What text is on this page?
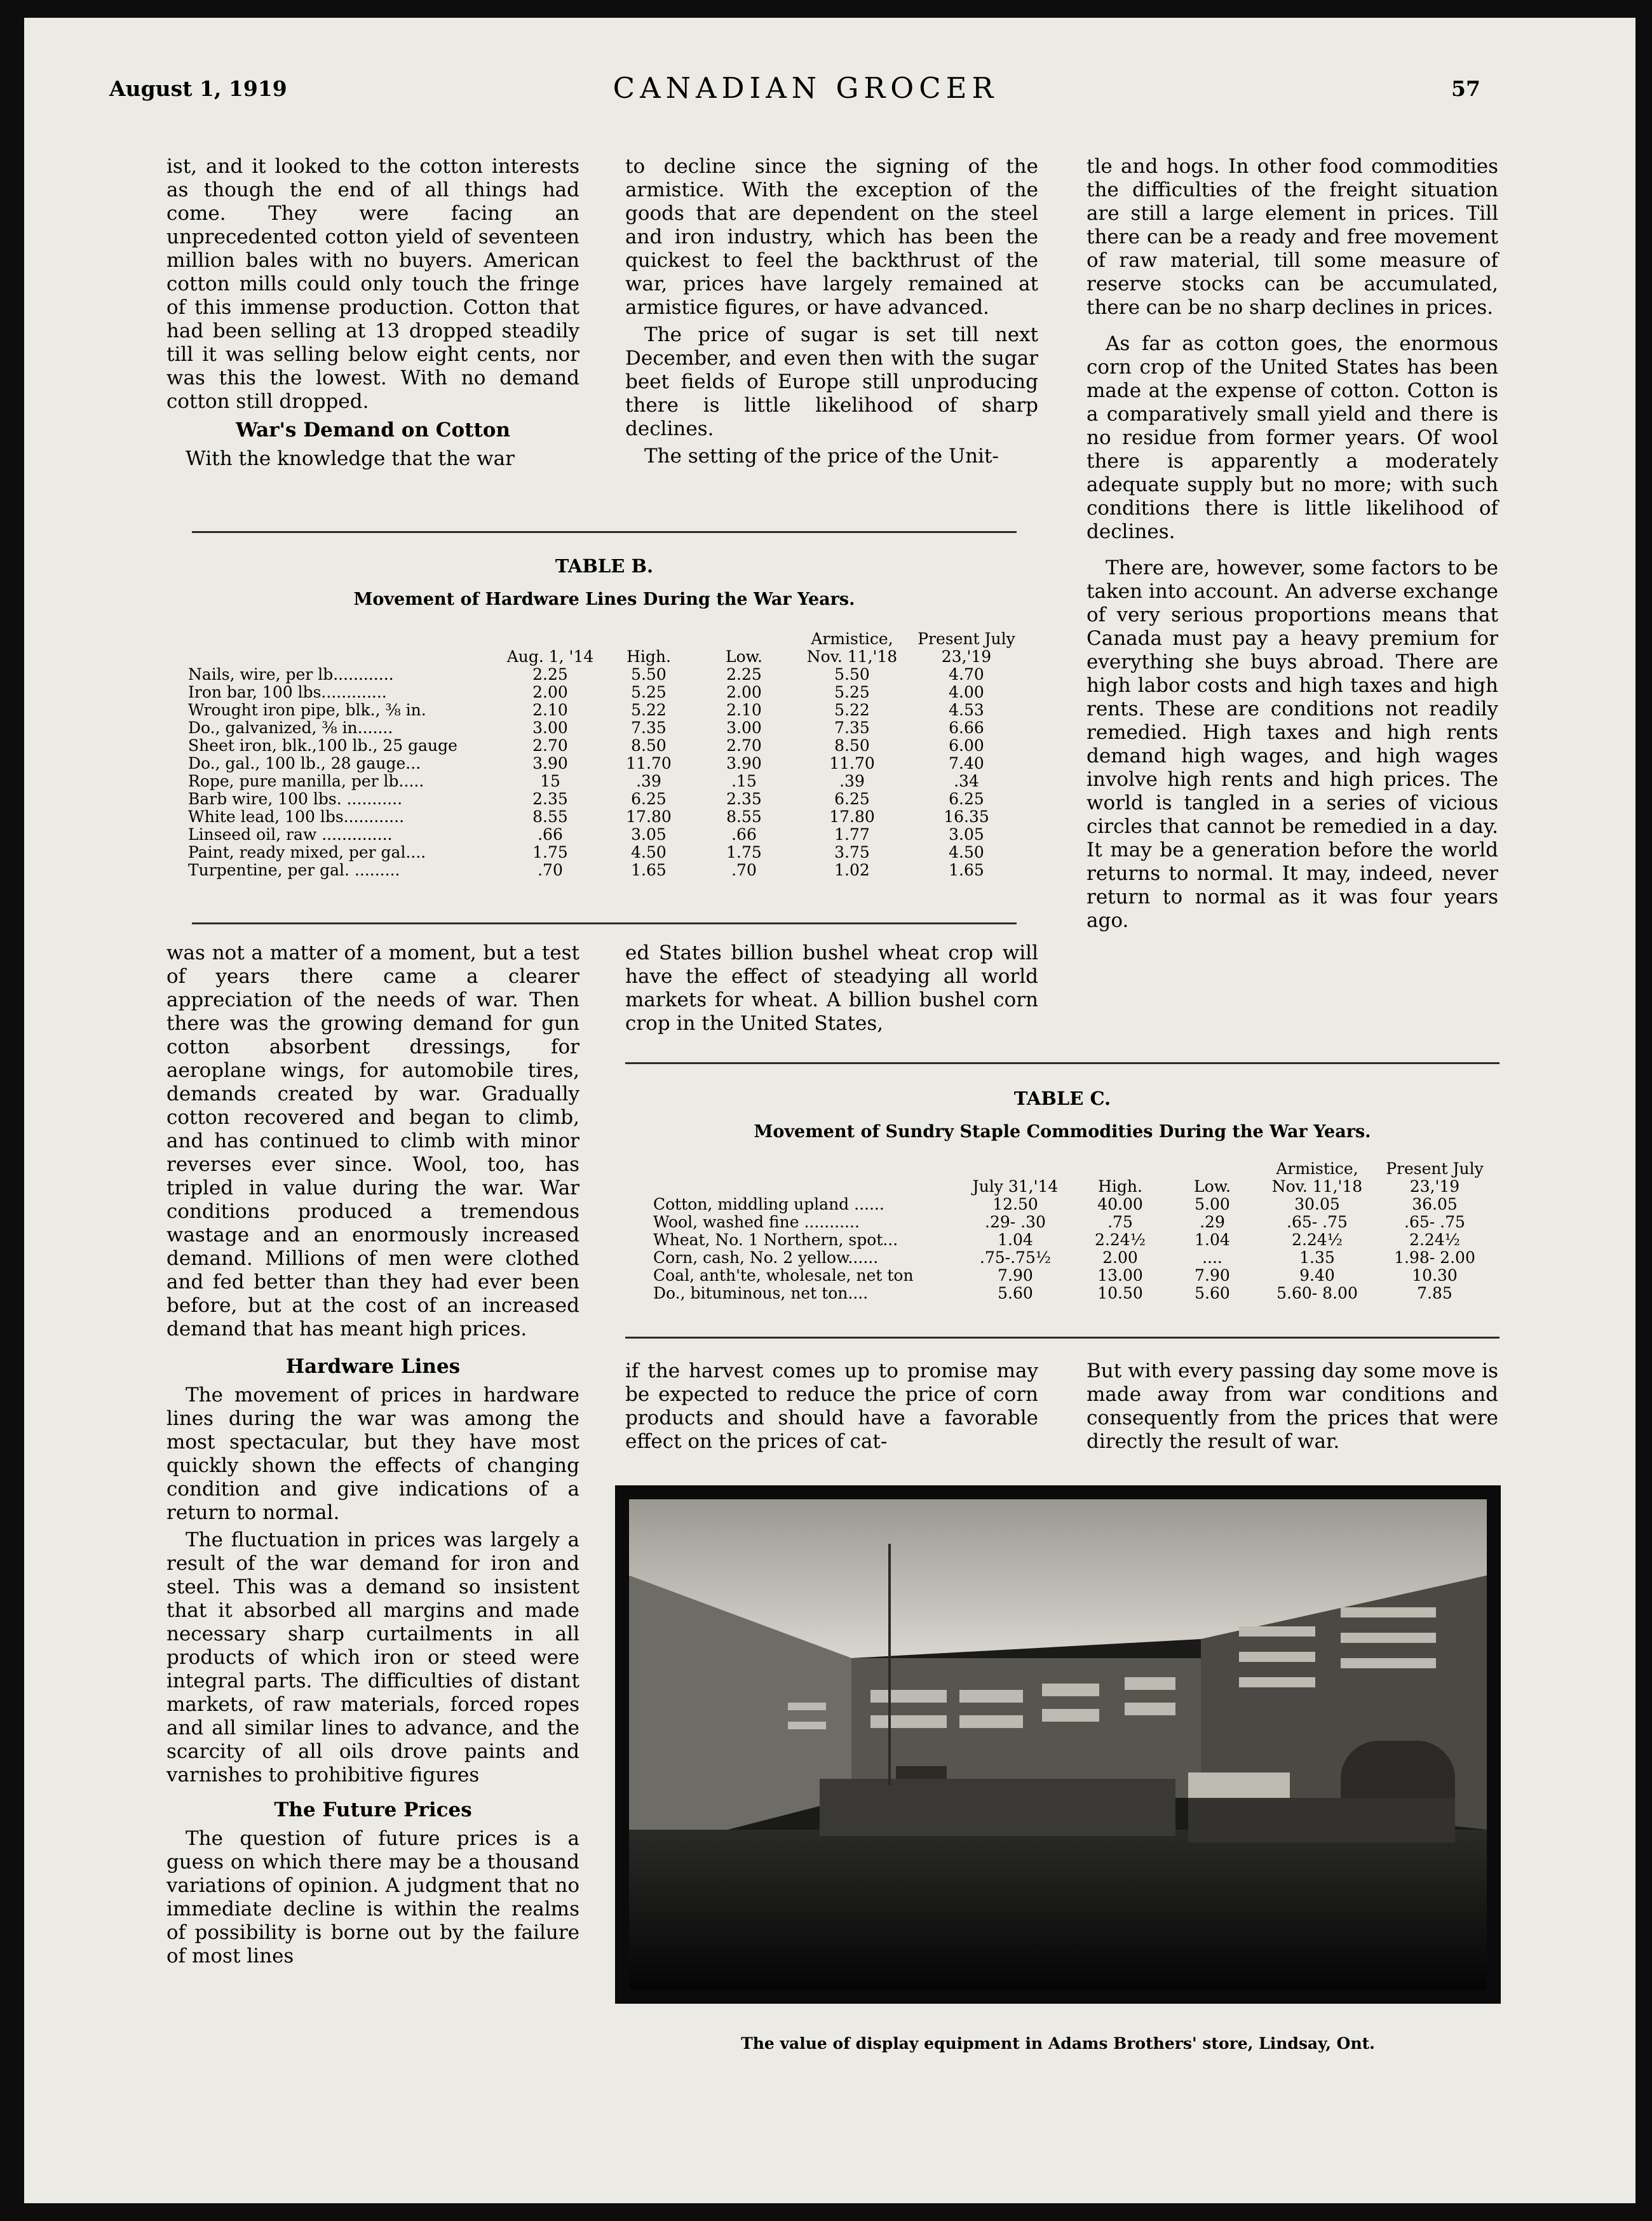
August 1, 1919	CANADIAN GROCER	57

ist, and it looked to the cotton interests as though the end of all things had come. They were facing an unprecedented cotton yield of seventeen million bales with no buyers. American cotton mills could only touch the fringe of this immense production. Cotton that had been selling at 13 dropped steadily till it was selling below eight cents, nor was this the lowest. With no demand cotton still dropped.

War's Demand on Cotton

With the knowledge that the war

to decline since the signing of the armistice. With the exception of the goods that are dependent on the steel and iron industry, which has been the quickest to feel the backthrust of the war, prices have largely remained at armistice figures, or have advanced.

The price of sugar is set till next December, and even then with the sugar beet fields of Europe still unproducing there is little likelihood of sharp declines.

The setting of the price of the Unit-

tle and hogs. In other food commodities the difficulties of the freight situation are still a large element in prices. Till there can be a ready and free movement of raw material, till some measure of reserve stocks can be accumulated, there can be no sharp declines in prices.

As far as cotton goes, the enormous corn crop of the United States has been made at the expense of cotton. Cotton is a comparatively small yield and there is no residue from former years. Of wool there is apparently a moderately adequate supply but no more; with such conditions there is little likelihood of declines.

There are, however, some factors to be taken into account. An adverse exchange of very serious proportions means that Canada must pay a heavy premium for everything she buys abroad. There are high labor costs and high taxes and high rents. These are conditions not readily remedied. High taxes and high rents demand high wages, and high wages involve high rents and high prices. The world is tangled in a series of vicious circles that cannot be remedied in a day. It may be a generation before the world returns to normal. It may, indeed, never return to normal as it was four years ago.

TABLE B.
Movement of Hardware Lines During the War Years.
	Aug. 1, '14	High.	Low.	Armistice, Nov. 11,'18	Present July 23,'19
Nails, wire, per lb............	2.25	5.50	2.25	5.50	4.70
Iron bar, 100 lbs.............	2.00	5.25	2.00	5.25	4.00
Wrought iron pipe, blk., ⅜ in.	2.10	5.22	2.10	5.22	4.53
Do., galvanized, ⅜ in.......	3.00	7.35	3.00	7.35	6.66
Sheet iron, blk.,100 lb., 25 gauge	2.70	8.50	2.70	8.50	6.00
Do., gal., 100 lb., 28 gauge...	3.90	11.70	3.90	11.70	7.40
Rope, pure manilla, per lb.....	15	.39	.15	.39	.34
Barb wire, 100 lbs. ...........	2.35	6.25	2.35	6.25	6.25
White lead, 100 lbs............	8.55	17.80	8.55	17.80	16.35
Linseed oil, raw ..............	.66	3.05	.66	1.77	3.05
Paint, ready mixed, per gal....	1.75	4.50	1.75	3.75	4.50
Turpentine, per gal. .........	.70	1.65	.70	1.02	1.65

was not a matter of a moment, but a test of years there came a clearer appreciation of the needs of war. Then there was the growing demand for gun cotton absorbent dressings, for aeroplane wings, for automobile tires, demands created by war. Gradually cotton recovered and began to climb, and has continued to climb with minor reverses ever since. Wool, too, has tripled in value during the war. War conditions produced a tremendous wastage and an enormously increased demand. Millions of men were clothed and fed better than they had ever been before, but at the cost of an increased demand that has meant high prices.

Hardware Lines

The movement of prices in hardware lines during the war was among the most spectacular, but they have most quickly shown the effects of changing condition and give indications of a return to normal.

The fluctuation in prices was largely a result of the war demand for iron and steel. This was a demand so insistent that it absorbed all margins and made necessary sharp curtailments in all products of which iron or steed were integral parts. The difficulties of distant markets, of raw materials, forced ropes and all similar lines to advance, and the scarcity of all oils drove paints and varnishes to prohibitive figures

The Future Prices

The question of future prices is a guess on which there may be a thousand variations of opinion. A judgment that no immediate decline is within the realms of possibility is borne out by the failure of most lines

ed States billion bushel wheat crop will have the effect of steadying all world markets for wheat. A billion bushel corn crop in the United States,

TABLE C.
Movement of Sundry Staple Commodities During the War Years.
	July 31,'14	High.	Low.	Armistice, Nov. 11,'18	Present July 23,'19
Cotton, middling upland ......	12.50	40.00	5.00	30.05	36.05
Wool, washed fine ...........	.29- .30	.75	.29	.65- .75	.65- .75
Wheat, No. 1 Northern, spot...	1.04	2.24½	1.04	2.24½	2.24½
Corn, cash, No. 2 yellow......	.75-.75½	2.00	....	1.35	1.98- 2.00
Coal, anth'te, wholesale, net ton	7.90	13.00	7.90	9.40	10.30
Do., bituminous, net ton....	5.60	10.50	5.60	5.60- 8.00	7.85

if the harvest comes up to promise may be expected to reduce the price of corn products and should have a favorable effect on the prices of cat-

But with every passing day some move is made away from war conditions and consequently from the prices that were directly the result of war.

The value of display equipment in Adams Brothers' store, Lindsay, Ont.
